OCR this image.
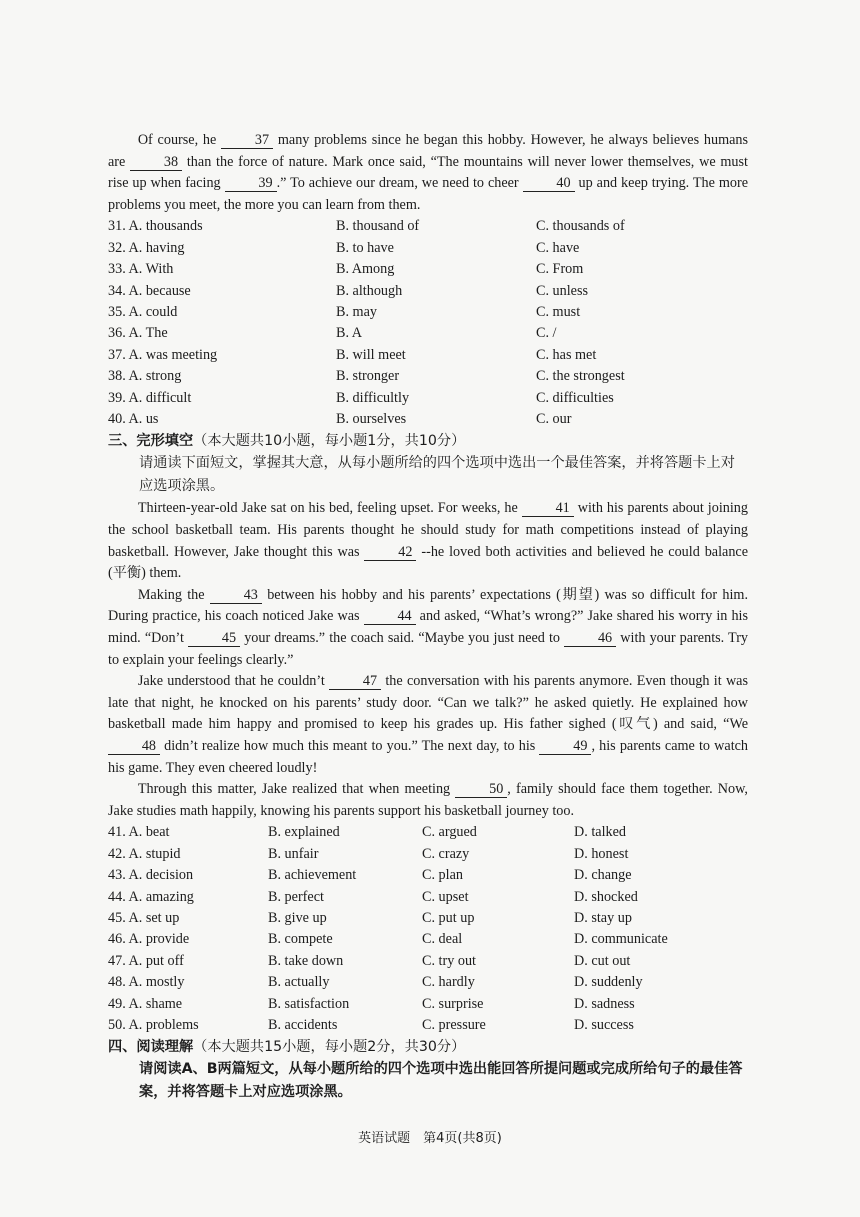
Of course, he	37 many problems since he began this hobby. However, he always believes humans are	38 than the force of nature. Mark once said, “The mountains will never lower themselves, we must rise up when facing	39 .” To achieve our dream, we need to cheer	40 up and keep trying. The more problems you meet, the more you can learn from them.

31. A. thousands	B. thousand of	C. thousands of
32. A. having	B. to have	C. have
33. A. With	B. Among	C. From
34. A. because	B. although	C. unless
35. A. could	B. may	C. must
36. A. The	B. A	C. /
37. A. was meeting	B. will meet	C. has met
38. A. strong	B. stronger	C. the strongest
39. A. difficult	B. difficultly	C. difficulties
40. A. us	B. ourselves	C. our

三、完形填空（本大题共10小题，每小题1分，共10分）

请通读下面短文，掌握其大意，从每小题所给的四个选项中选出一个最佳答案，并将答题卡上对应选项涂黑。

Thirteen-year-old Jake sat on his bed, feeling upset. For weeks, he	41 with his parents about joining the school basketball team. His parents thought he should study for math competitions instead of playing basketball. However, Jake thought this was	42 --he loved both activities and believed he could balance (平衡) them.

Making the	43 between his hobby and his parents’ expectations (期望) was so difficult for him. During practice, his coach noticed Jake was	44 and asked, “What’s wrong?” Jake shared his worry in his mind. “Don’t	45 your dreams.” the coach said. “Maybe you just need to	46 with your parents. Try to explain your feelings clearly.”

Jake understood that he couldn’t	47 the conversation with his parents anymore. Even though it was late that night, he knocked on his parents’ study door. “Can we talk?” he asked quietly. He explained how basketball made him happy and promised to keep his grades up. His father sighed (叹气) and said, “We 48 didn’t realize how much this meant to you.” The next day, to his	49 , his parents came to watch his game. They even cheered loudly!

Through this matter, Jake realized that when meeting	50 , family should face them together. Now, Jake studies math happily, knowing his parents support his basketball journey too.

41. A. beat	B. explained	C. argued	D. talked
42. A. stupid	B. unfair	C. crazy	D. honest
43. A. decision	B. achievement	C. plan	D. change
44. A. amazing	B. perfect	C. upset	D. shocked
45. A. set up	B. give up	C. put up	D. stay up
46. A. provide	B. compete	C. deal	D. communicate
47. A. put off	B. take down	C. try out	D. cut out
48. A. mostly	B. actually	C. hardly	D. suddenly
49. A. shame	B. satisfaction	C. surprise	D. sadness
50. A. problems	B. accidents	C. pressure	D. success

四、阅读理解（本大题共15小题，每小题2分，共30分）

请阅读A、B两篇短文，从每小题所给的四个选项中选出能回答所提问题或完成所给句子的最佳答案，并将答题卡上对应选项涂黑。

英语试题　第4页(共8页)
